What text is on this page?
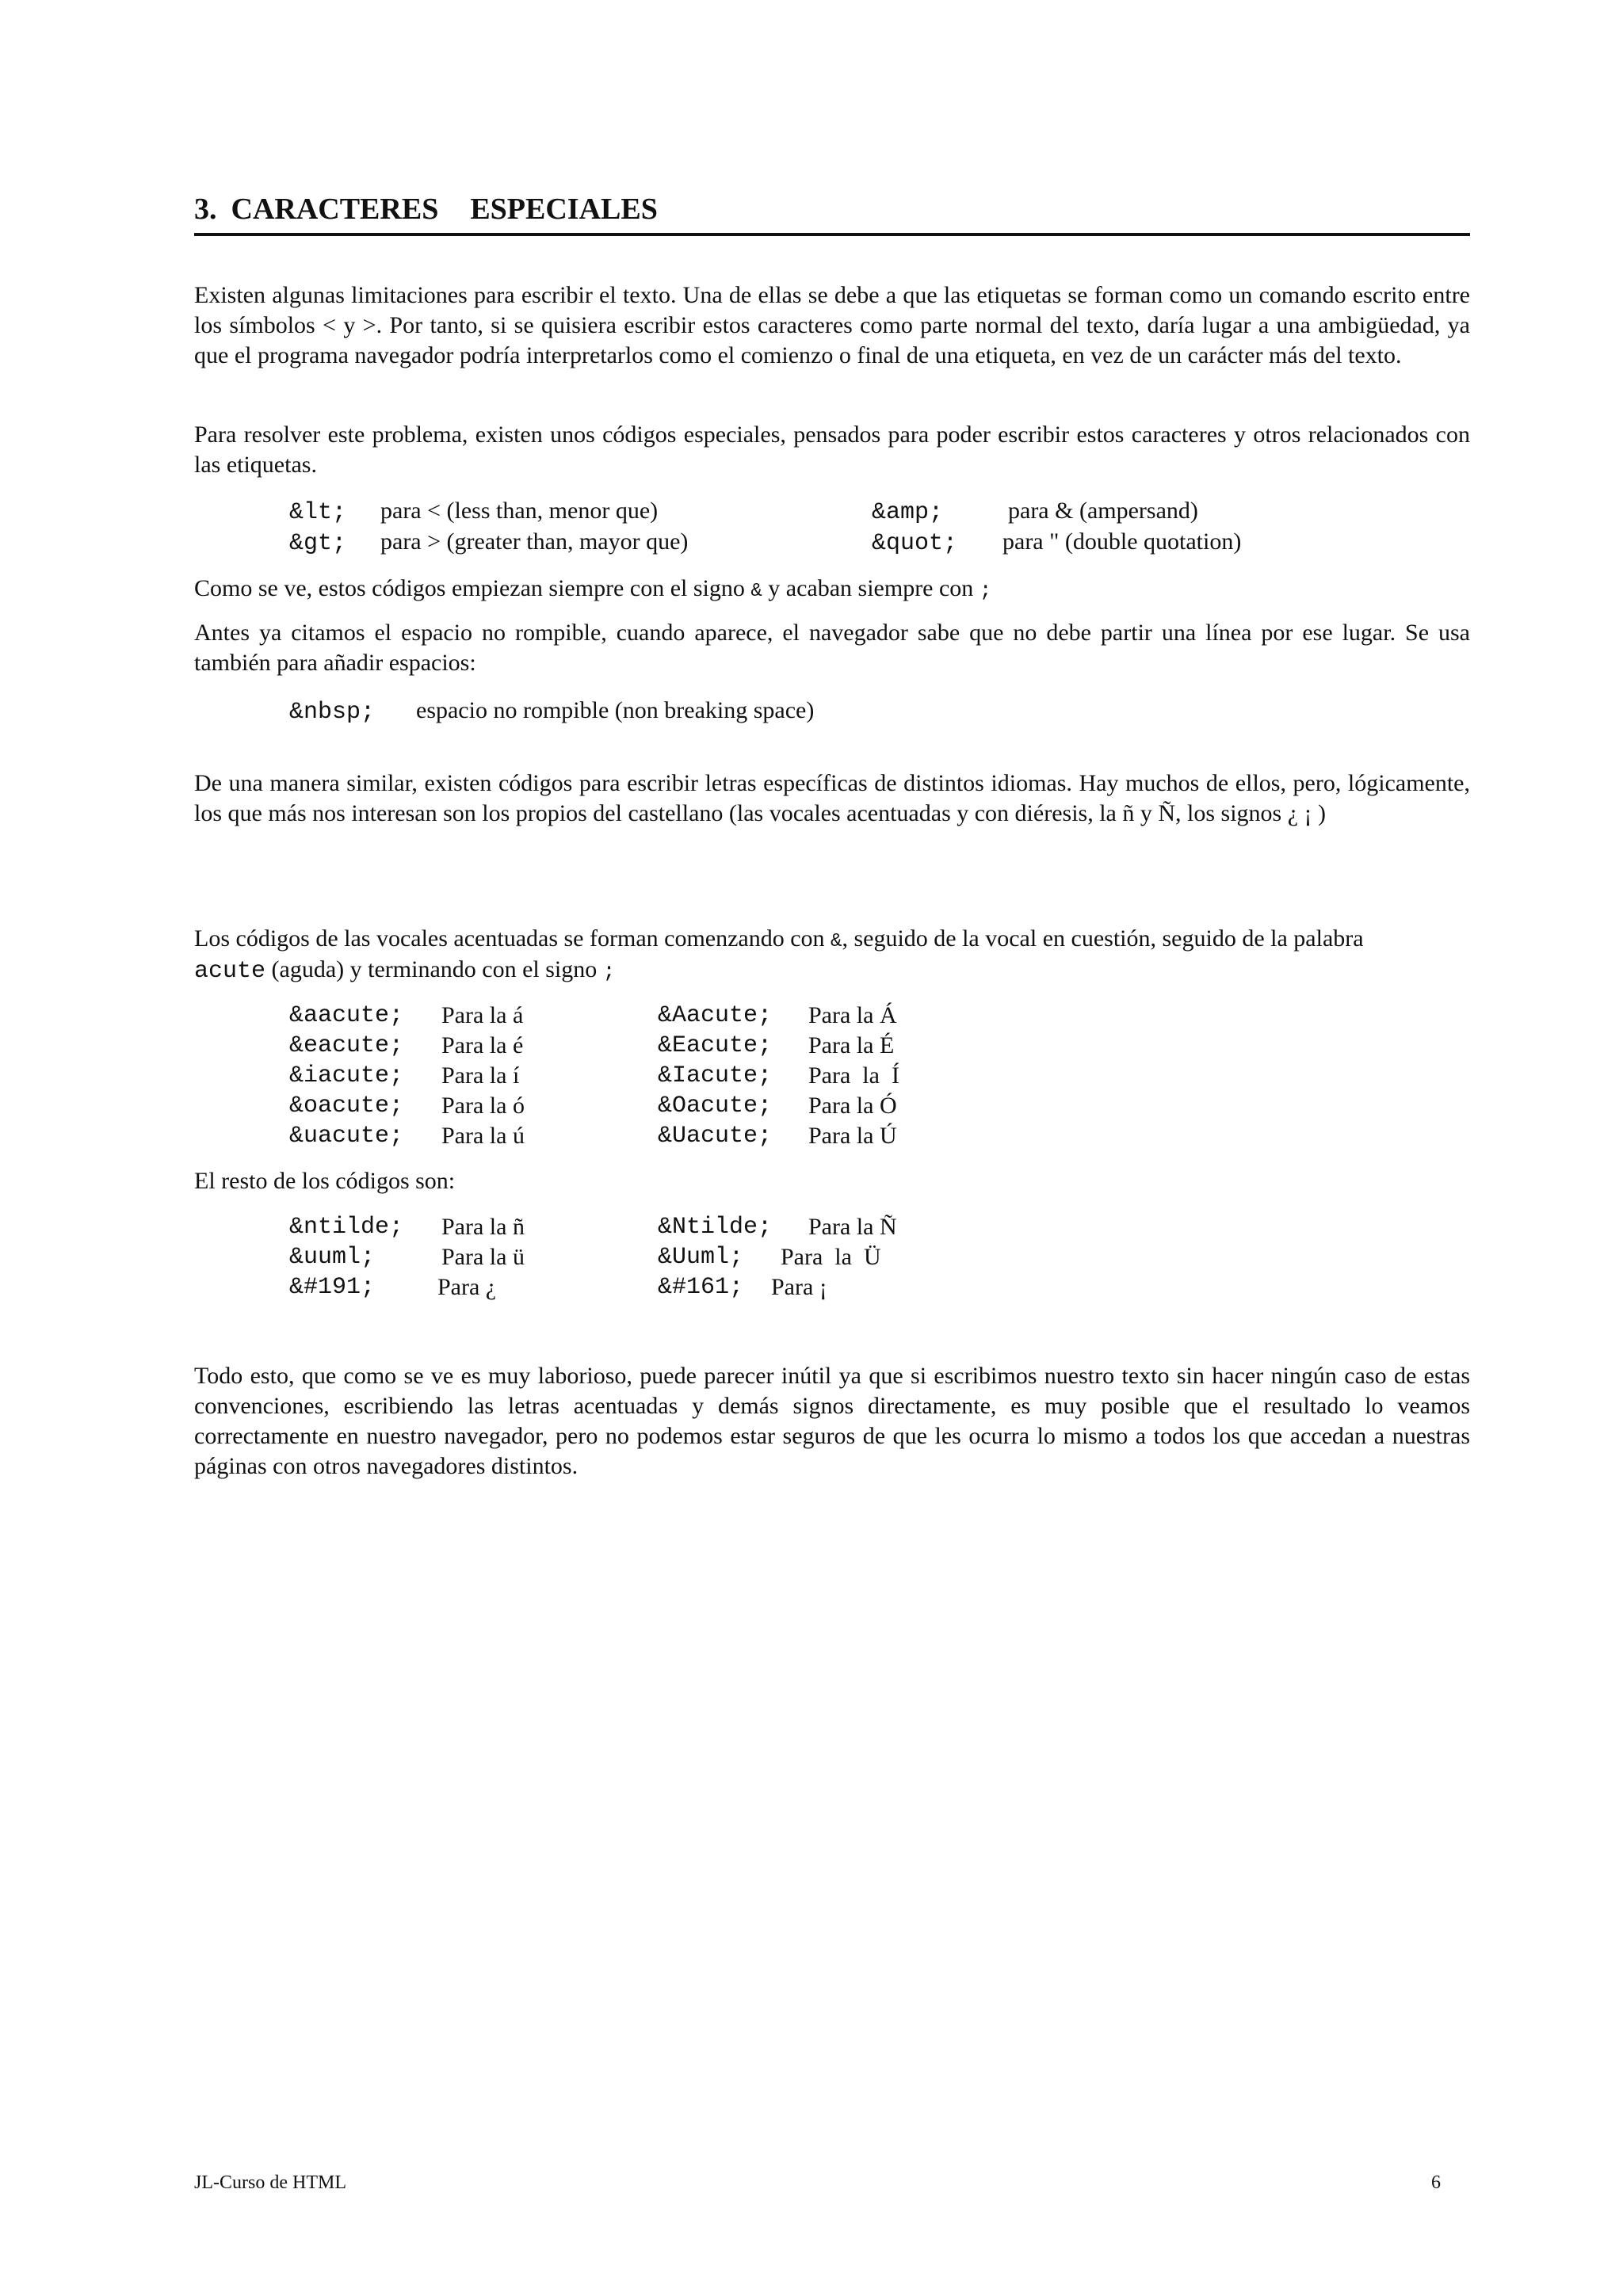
3. CARACTERES ESPECIALES
Existen algunas limitaciones para escribir el texto. Una de ellas se debe a que las etiquetas se forman como un comando escrito entre los símbolos < y >. Por tanto, si se quisiera escribir estos caracteres como parte normal del texto, daría lugar a una ambigüedad, ya que el programa navegador podría interpretarlos como el comienzo o final de una etiqueta, en vez de un carácter más del texto.
Para resolver este problema, existen unos códigos especiales, pensados para poder escribir estos caracteres y otros relacionados con las etiquetas.
&lt; para < (less than, menor que)	&amp;	para & (ampersand)
&gt; para > (greater than, mayor que)	&quot; para " (double quotation)
Como se ve, estos códigos empiezan siempre con el signo & y acaban siempre con ;
Antes ya citamos el espacio no rompible, cuando aparece, el navegador sabe que no debe partir una línea por ese lugar. Se usa también para añadir espacios:
&nbsp; espacio no rompible (non breaking space)
De una manera similar, existen códigos para escribir letras específicas de distintos idiomas. Hay muchos de ellos, pero, lógicamente, los que más nos interesan son los propios del castellano (las vocales acentuadas y con diéresis, la ñ y Ñ, los signos ¿ ¡ )
Los códigos de las vocales acentuadas se forman comenzando con &, seguido de la vocal en cuestión, seguido de la palabra
acute (aguda) y terminando con el signo ;
&aacute; Para la á	&Aacute; Para la Á
&eacute; Para la é	&Eacute; Para la É
&iacute; Para la í	&Iacute; Para  la  Í
&oacute; Para la ó	&Oacute; Para la Ó
&uacute; Para la ú	&Uacute; Para la Ú
El resto de los códigos son:
&ntilde; Para la ñ	&Ntilde; Para la Ñ
&uuml;	Para la ü	&Uuml; Para  la  Ü
&#191;	Para ¿	&#161; Para ¡
Todo esto, que como se ve es muy laborioso, puede parecer inútil ya que si escribimos nuestro texto sin hacer ningún caso de estas convenciones, escribiendo las letras acentuadas y demás signos directamente, es muy posible que el resultado lo veamos correctamente en nuestro navegador, pero no podemos estar seguros de que les ocurra lo mismo a todos los que accedan a nuestras páginas con otros navegadores distintos.
JL-Curso de HTML	6
